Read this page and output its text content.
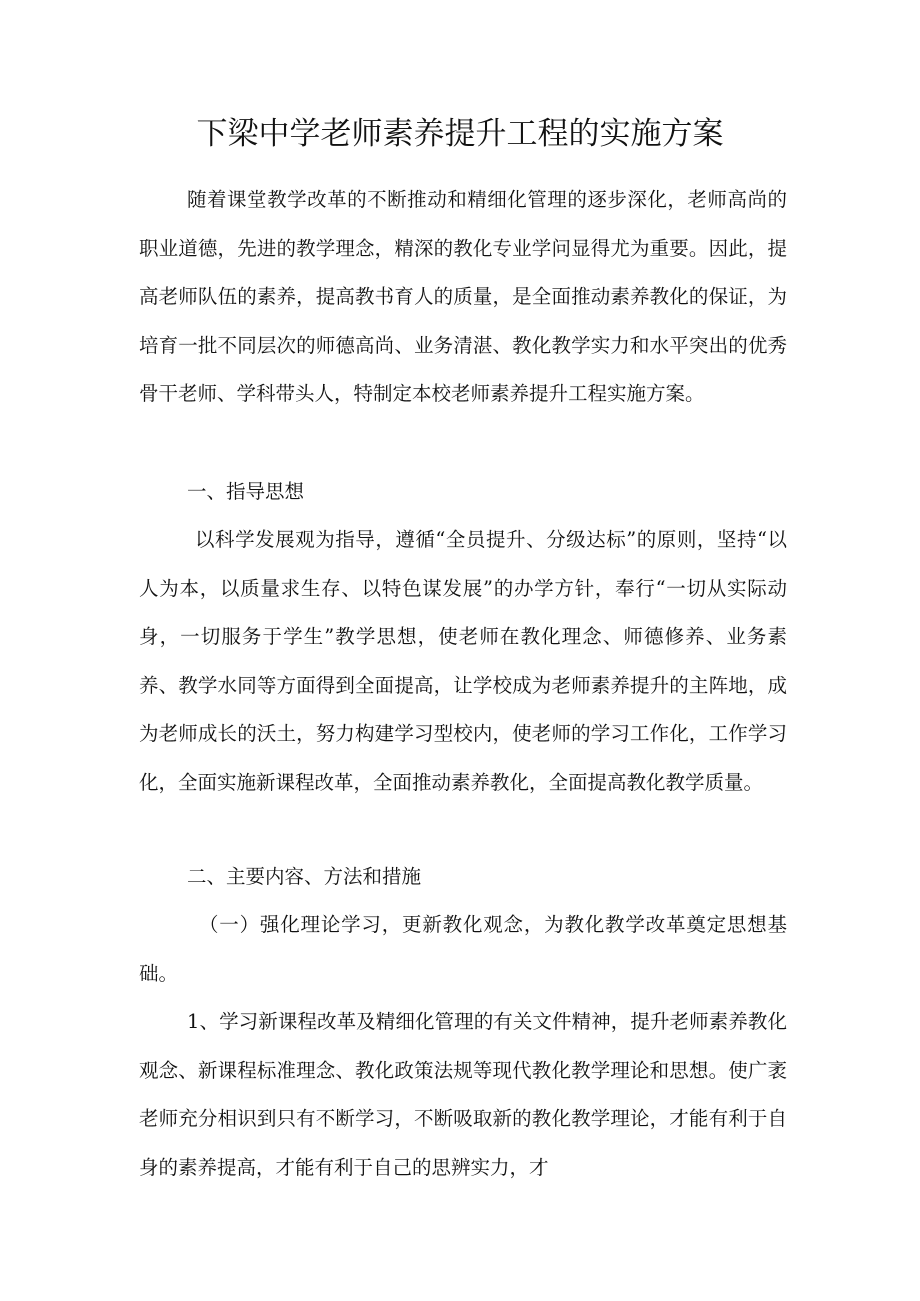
下梁中学老师素养提升工程的实施方案

随着课堂教学改革的不断推动和精细化管理的逐步深化，老师高尚的职业道德，先进的教学理念，精深的教化专业学问显得尤为重要。因此，提高老师队伍的素养，提高教书育人的质量，是全面推动素养教化的保证，为培育一批不同层次的师德高尚、业务清湛、教化教学实力和水平突出的优秀骨干老师、学科带头人，特制定本校老师素养提升工程实施方案。

一、指导思想

以科学发展观为指导，遵循“全员提升、分级达标”的原则，坚持“以人为本，以质量求生存、以特色谋发展”的办学方针，奉行“一切从实际动身，一切服务于学生”教学思想，使老师在教化理念、师德修养、业务素养、教学水同等方面得到全面提高，让学校成为老师素养提升的主阵地，成为老师成长的沃土，努力构建学习型校内，使老师的学习工作化，工作学习化，全面实施新课程改革，全面推动素养教化，全面提高教化教学质量。

二、主要内容、方法和措施

（一）强化理论学习，更新教化观念，为教化教学改革奠定思想基础。

1、学习新课程改革及精细化管理的有关文件精神，提升老师素养教化观念、新课程标准理念、教化政策法规等现代教化教学理论和思想。使广袤老师充分相识到只有不断学习，不断吸取新的教化教学理论，才能有利于自身的素养提高，才能有利于自己的思辨实力，才
